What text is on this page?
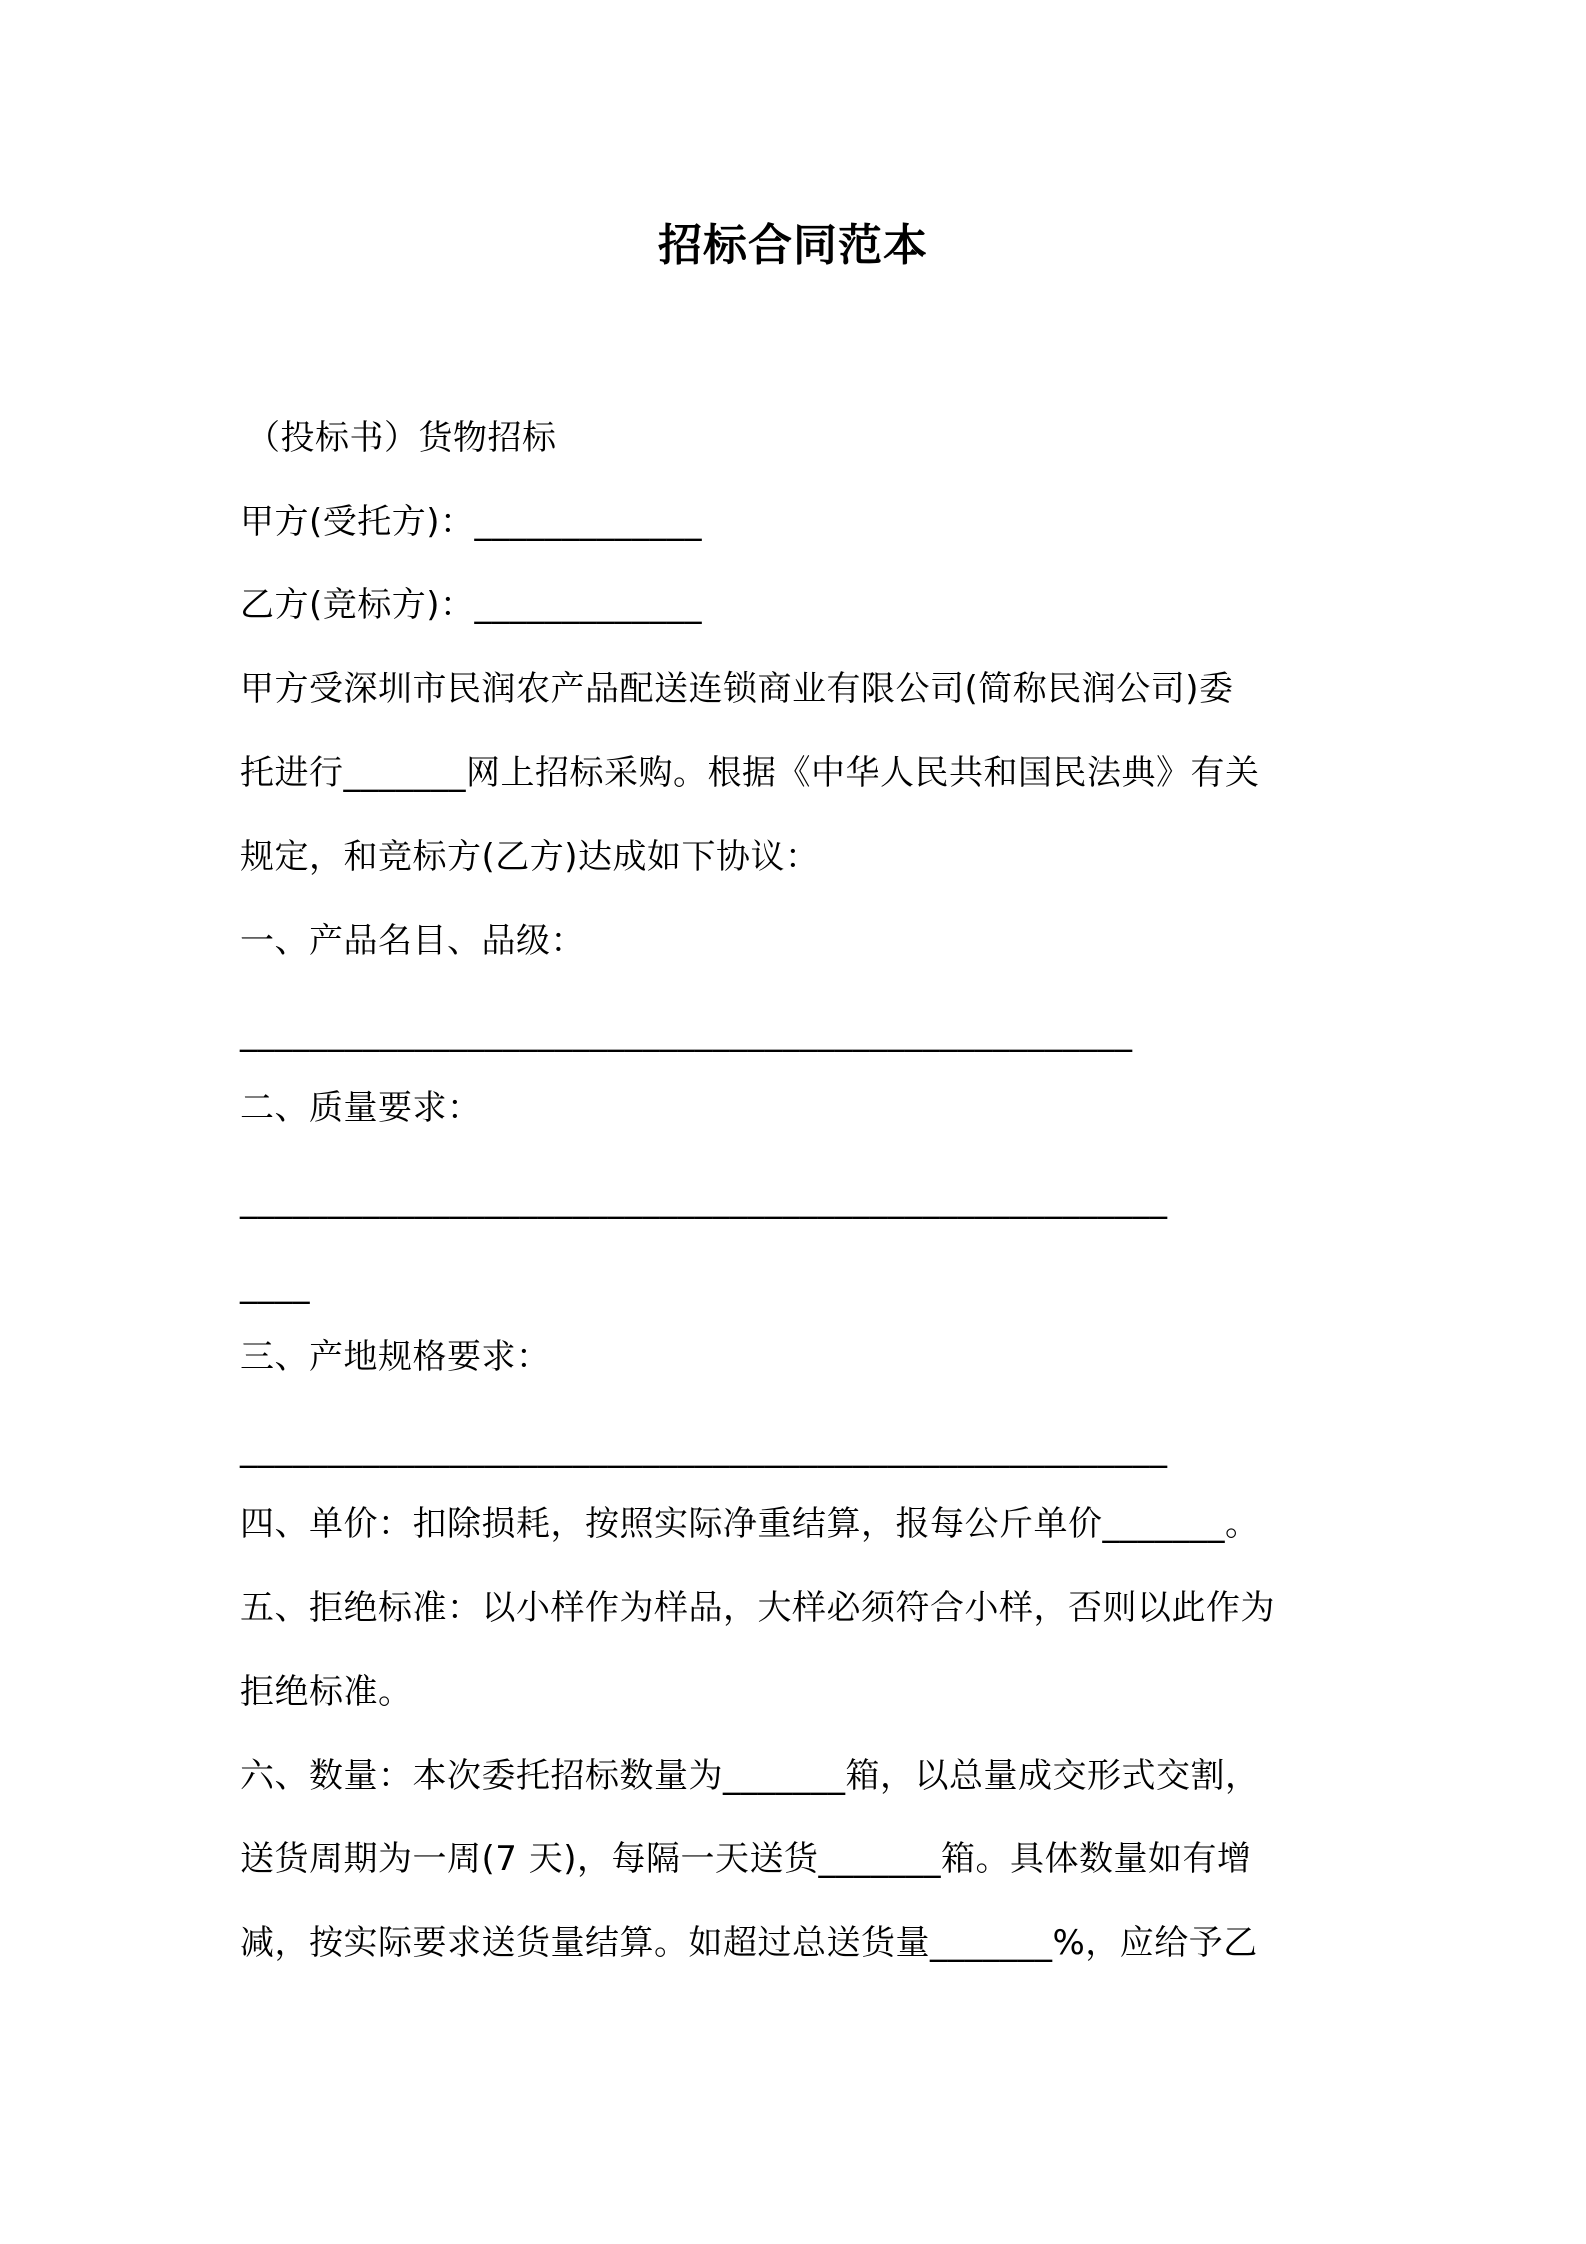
招标合同范本
（投标书）货物招标
甲方(受托方)：_____________
乙方(竞标方)：_____________
甲方受深圳市民润农产品配送连锁商业有限公司(简称民润公司)委
托进行_______网上招标采购。根据《中华人民共和国民法典》有关
规定，和竞标方(乙方)达成如下协议：
一、产品名目、品级：
___________________________________________________
二、质量要求：
_____________________________________________________
____
三、产地规格要求：
_____________________________________________________
四、单价：扣除损耗，按照实际净重结算，报每公斤单价_______。
五、拒绝标准：以小样作为样品，大样必须符合小样，否则以此作为
拒绝标准。
六、数量：本次委托招标数量为_______箱，以总量成交形式交割，
送货周期为一周(7 天)，每隔一天送货_______箱。具体数量如有增
减，按实际要求送货量结算。如超过总送货量_______%，应给予乙
